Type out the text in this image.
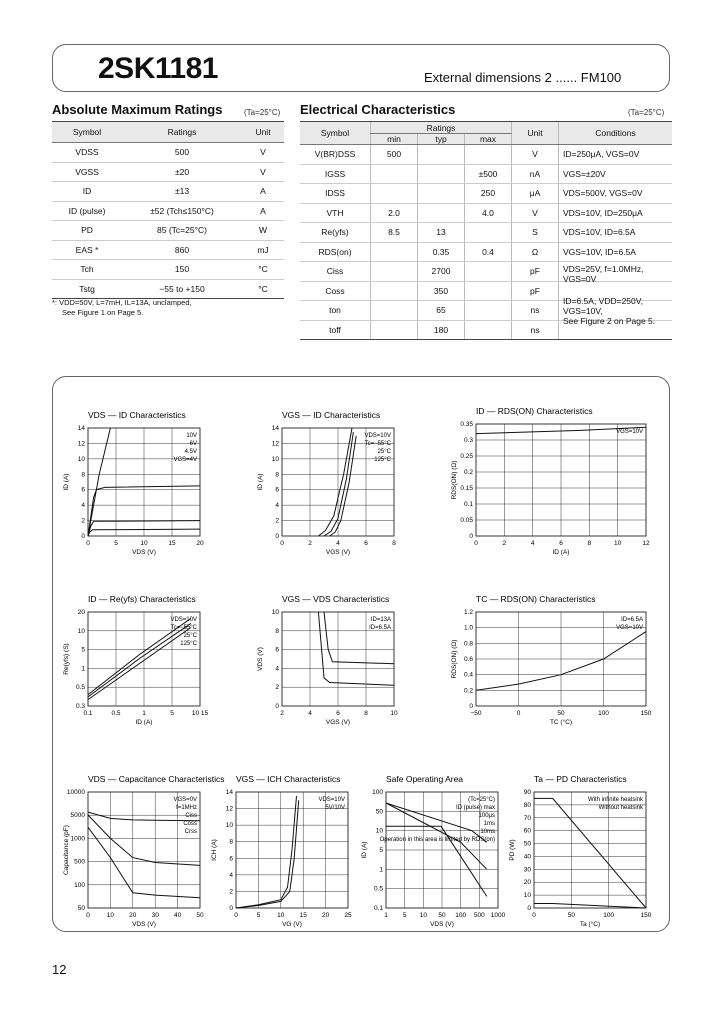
2SK1181	External dimensions 2 ...... FM100
Absolute Maximum Ratings	(Ta=25°C)
Symbol	Ratings	Unit
VDSS	500	V
VGSS	±20	V
ID	±13	A
ID (pulse)	±52 (Tch≤150°C)	A
PD	85 (Tc=25°C)	W
EAS *	860	mJ
Tch	150	°C
Tstg	−55 to +150	°C
*: VDD=50V, L=7mH, IL=13A, unclamped,
See Figure 1 on Page 5.
Electrical Characteristics	(Ta=25°C)
Symbol	Ratings			Unit	Conditions
	min	typ	max		
V(BR)DSS	500			V	ID=250μA, VGS=0V
IGSS			±500	nA	VGS=±20V
IDSS			250	μA	VDS=500V, VGS=0V
VTH	2.0		4.0	V	VDS=10V, ID=250μA
Re(yfs)	8.5	13		S	VDS=10V, ID=6.5A
RDS(on)		0.35	0.4	Ω	VGS=10V, ID=6.5A
Ciss		2700		pF	
Coss		350		pF	
ton		65		ns	
toff		180		ns	
VDS=25V, f=1.0MHz,
VGS=0V
ID=6.5A, VDD=250V,
VGS=10V,
See Figure 2 on Page 5.
VDS — ID Characteristics
0	5	10	15	20
0
2
4
6
8
10
12
14
VDS (V)
ID (A)
10V
6V
4.5V
VGS=4V
VGS — ID Characteristics
0	2	4	6	8
0
2
4
6
8
10
12
14
VGS (V)
ID (A)
VDS=10V
Tc=−55°C
25°C
125°C
ID — RDS(ON) Characteristics
0	2	4	6	8	10	12
0
0.05
0.1
0.15
0.2
0.25
0.3
0.35
ID (A)
RDS(ON) (Ω)
VGS=10V
ID — Re(yfs) Characteristics
0.1	0.5	1	5	10 15
0.3
0.5
1
5
10
20
ID (A)
Re(yfs) (S)
VDS=10V
Tc=−55°C
25°C
125°C
VGS — VDS Characteristics
2	4	6	8	10
0
2
4
6
8
10
VGS (V)
VDS (V)
ID=13A
ID=6.5A
TC — RDS(ON) Characteristics
−50	0	50	100	150
0
0.2
0.4
0.6
0.8
1.0
1.2
TC (°C)
RDS(ON) (Ω)
ID=6.5A
VGS=10V
VDS — Capacitance Characteristics
0	10 20 30 40 50
50
100
500
1000
5000
10000
VDS (V)
Capacitance (pF)
VGS=0V
f=1MHz
Ciss
Coss
Crss
VGS — ICH Characteristics
0	5	10 15 20 25
0
2
4
6
8
10
12
14
VG (V)
ICH (A)
VDS=10V
5V/10V
Safe Operating Area
1 5 10 50 100 500 1000
0.1
0.5
1
5
10
50
100
VDS (V)
ID (A)
(Tc=25°C)
ID (pulse) max
100μs
1ms
10ms
Operation in this area is limited by RDS(on)
Ta — PD Characteristics
0	50	100	150
0
10
20
30
40
50
60
70
80
90
Ta (°C)
PD (W)
With infinite heatsink
Without heatsink
12
